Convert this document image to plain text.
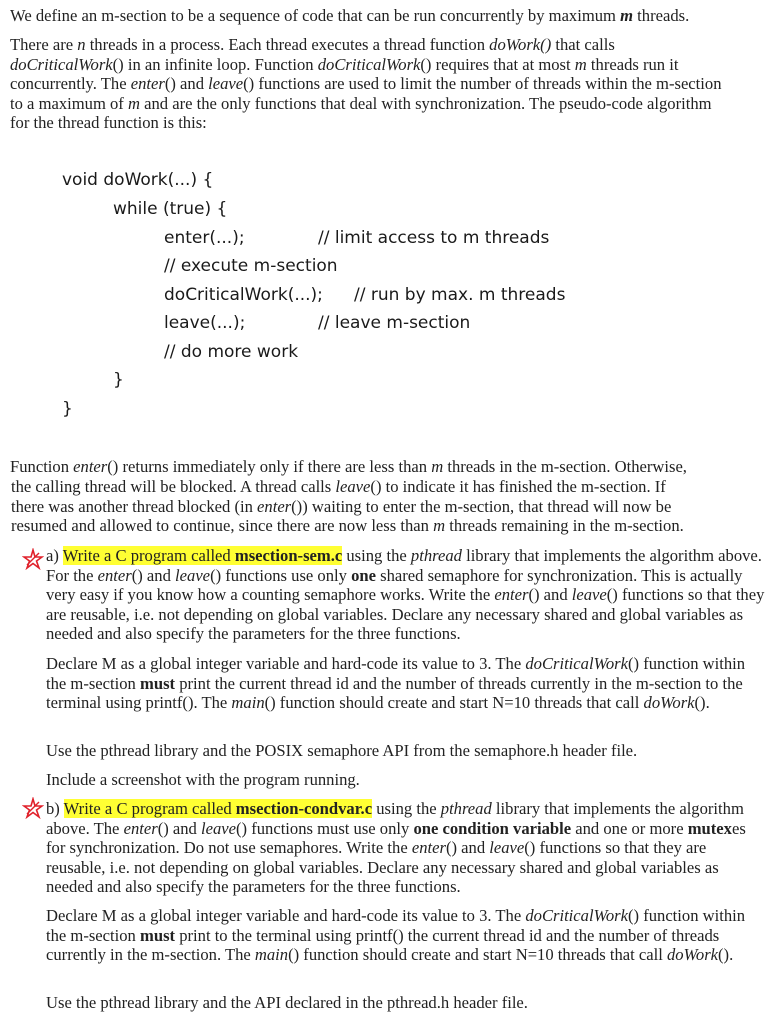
We define an m-section to be a sequence of code that can be run concurrently by maximum m threads.

There are n threads in a process. Each thread executes a thread function doWork() that calls doCriticalWork() in an infinite loop. Function doCriticalWork() requires that at most m threads run it concurrently. The enter() and leave() functions are used to limit the number of threads within the m-section to a maximum of m and are the only functions that deal with synchronization. The pseudo-code algorithm for the thread function is this:

void doWork(...) {
while (true) {
enter(...);	// limit access to m threads
// execute m-section
doCriticalWork(...); // run by max. m threads
leave(...);	// leave m-section
// do more work
}
}

Function enter() returns immediately only if there are less than m threads in the m-section. Otherwise,

the calling thread will be blocked. A thread calls leave() to indicate it has finished the m-section. If

there was another thread blocked (in enter()) waiting to enter the m-section, that thread will now be

resumed and allowed to continue, since there are now less than m threads remaining in the m-section.

a) Write a C program called msection-sem.c using the pthread library that implements the algorithm above. For the enter() and leave() functions use only one shared semaphore for synchronization. This is actually very easy if you know how a counting semaphore works. Write the enter() and leave() functions so that they are reusable, i.e. not depending on global variables. Declare any necessary shared and global variables as needed and also specify the parameters for the three functions.

Declare M as a global integer variable and hard-code its value to 3. The doCriticalWork() function within the m-section must print the current thread id and the number of threads currently in the m-section to the terminal using printf(). The main() function should create and start N=10 threads that call doWork().

Use the pthread library and the POSIX semaphore API from the semaphore.h header file.

Include a screenshot with the program running.

b) Write a C program called msection-condvar.c using the pthread library that implements the algorithm above. The enter() and leave() functions must use only one condition variable and one or more mutexes for synchronization. Do not use semaphores. Write the enter() and leave() functions so that they are reusable, i.e. not depending on global variables. Declare any necessary shared and global variables as needed and also specify the parameters for the three functions.

Declare M as a global integer variable and hard-code its value to 3. The doCriticalWork() function within the m-section must print to the terminal using printf() the current thread id and the number of threads currently in the m-section. The main() function should create and start N=10 threads that call doWork().

Use the pthread library and the API declared in the pthread.h header file.
